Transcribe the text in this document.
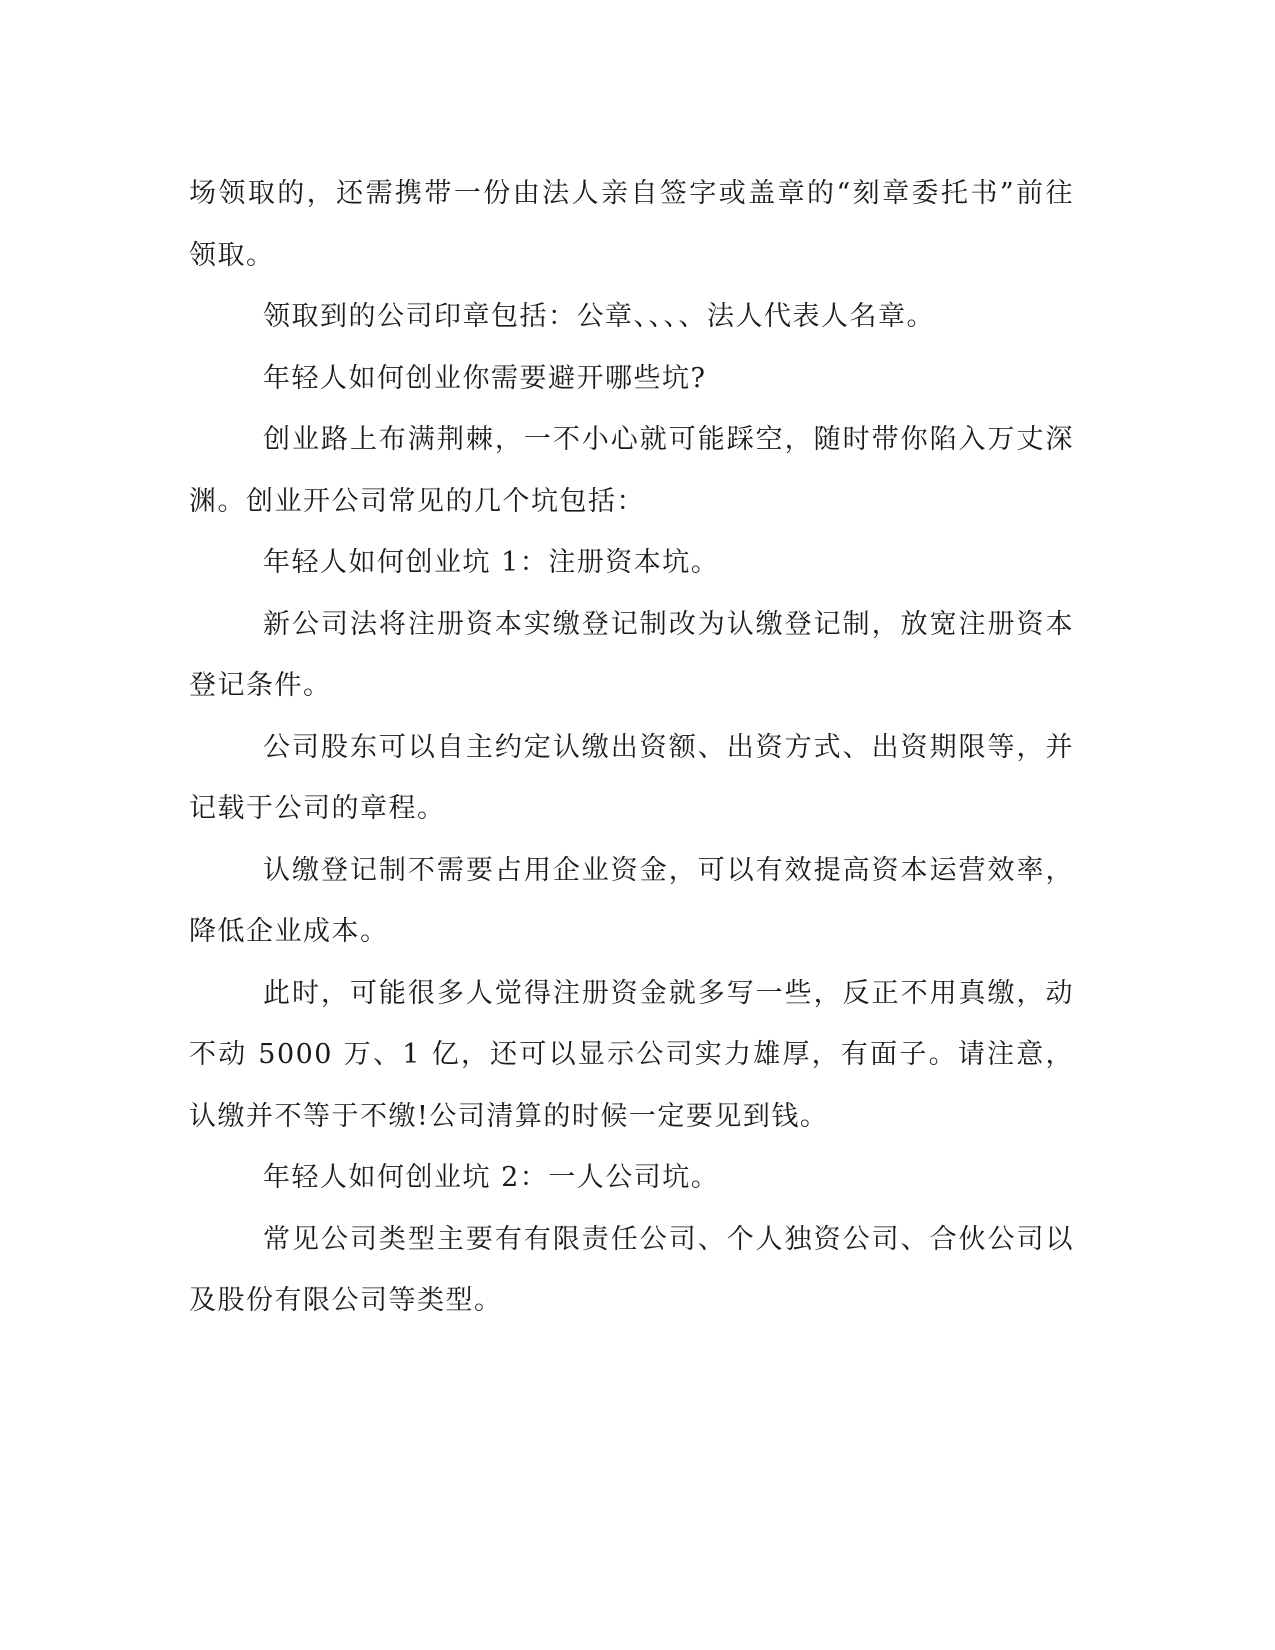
场领取的，还需携带一份由法人亲自签字或盖章的“刻章委托书”前往领取。

领取到的公司印章包括：公章、、、、法人代表人名章。

年轻人如何创业你需要避开哪些坑?

创业路上布满荆棘，一不小心就可能踩空，随时带你陷入万丈深渊。创业开公司常见的几个坑包括：

年轻人如何创业坑 1：注册资本坑。

新公司法将注册资本实缴登记制改为认缴登记制，放宽注册资本登记条件。

公司股东可以自主约定认缴出资额、出资方式、出资期限等，并记载于公司的章程。

认缴登记制不需要占用企业资金，可以有效提高资本运营效率，降低企业成本。

此时，可能很多人觉得注册资金就多写一些，反正不用真缴，动不动 5000 万、1 亿，还可以显示公司实力雄厚，有面子。请注意，认缴并不等于不缴!公司清算的时候一定要见到钱。

年轻人如何创业坑 2：一人公司坑。

常见公司类型主要有有限责任公司、个人独资公司、合伙公司以及股份有限公司等类型。
